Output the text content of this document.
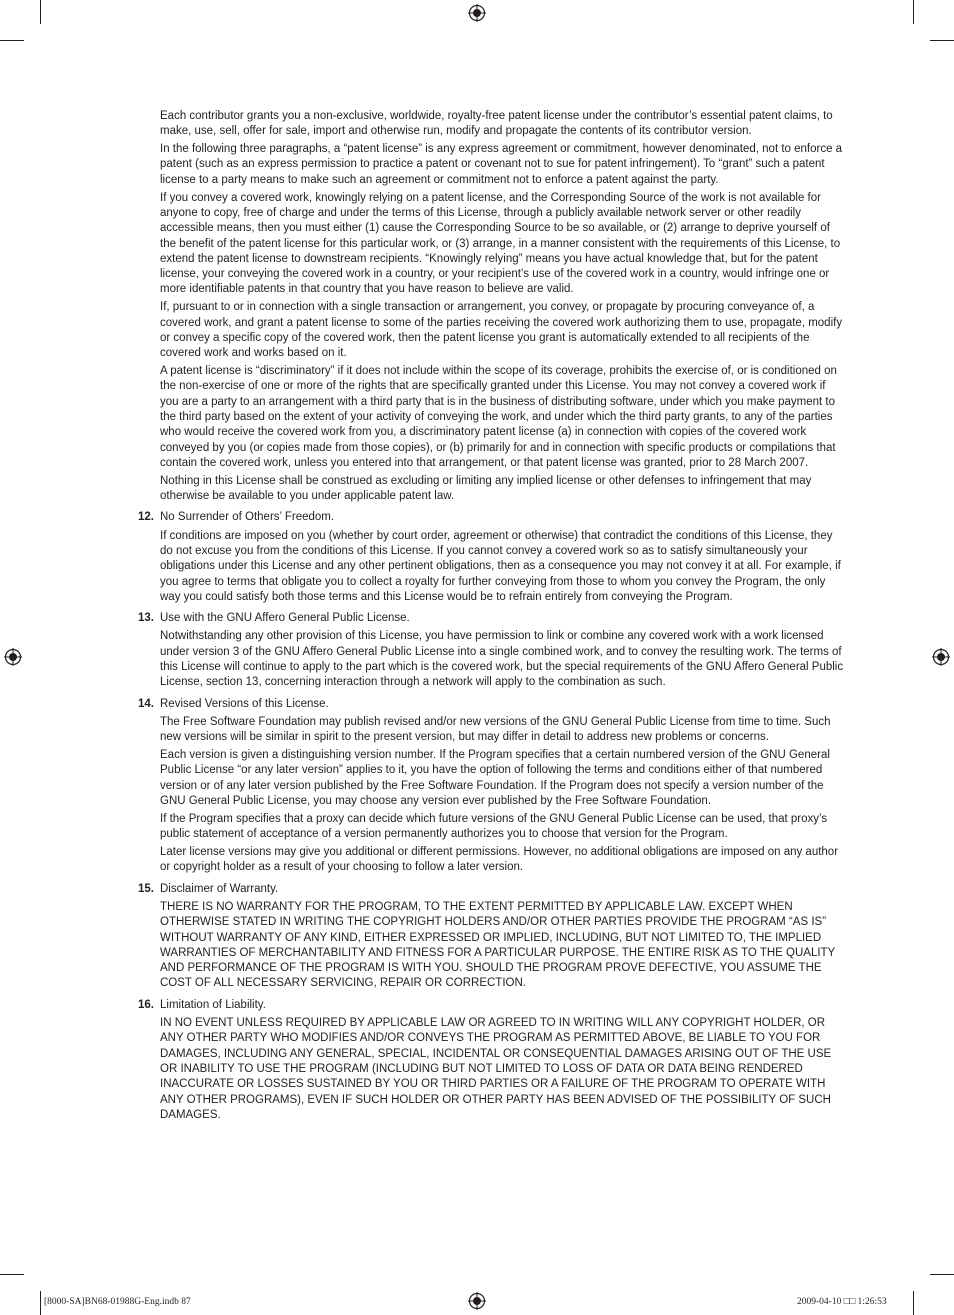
Each contributor grants you a non-exclusive, worldwide, royalty-free patent license under the contributor’s essential patent claims, to make, use, sell, offer for sale, import and otherwise run, modify and propagate the contents of its contributor version.

In the following three paragraphs, a “patent license” is any express agreement or commitment, however denominated, not to enforce a patent (such as an express permission to practice a patent or covenant not to sue for patent infringement). To “grant” such a patent license to a party means to make such an agreement or commitment not to enforce a patent against the party.

If you convey a covered work, knowingly relying on a patent license, and the Corresponding Source of the work is not available for anyone to copy, free of charge and under the terms of this License, through a publicly available network server or other readily accessible means, then you must either (1) cause the Corresponding Source to be so available, or (2) arrange to deprive yourself of the benefit of the patent license for this particular work, or (3) arrange, in a manner consistent with the requirements of this License, to extend the patent license to downstream recipients. “Knowingly relying” means you have actual knowledge that, but for the patent license, your conveying the covered work in a country, or your recipient’s use of the covered work in a country, would infringe one or more identifiable patents in that country that you have reason to believe are valid.

If, pursuant to or in connection with a single transaction or arrangement, you convey, or propagate by procuring conveyance of, a covered work, and grant a patent license to some of the parties receiving the covered work authorizing them to use, propagate, modify or convey a specific copy of the covered work, then the patent license you grant is automatically extended to all recipients of the covered work and works based on it.

A patent license is “discriminatory” if it does not include within the scope of its coverage, prohibits the exercise of, or is conditioned on the non-exercise of one or more of the rights that are specifically granted under this License. You may not convey a covered work if you are a party to an arrangement with a third party that is in the business of distributing software, under which you make payment to the third party based on the extent of your activity of conveying the work, and under which the third party grants, to any of the parties who would receive the covered work from you, a discriminatory patent license (a) in connection with copies of the covered work conveyed by you (or copies made from those copies), or (b) primarily for and in connection with specific products or compilations that contain the covered work, unless you entered into that arrangement, or that patent license was granted, prior to 28 March 2007.

Nothing in this License shall be construed as excluding or limiting any implied license or other defenses to infringement that may otherwise be available to you under applicable patent law.

12. No Surrender of Others’ Freedom.

If conditions are imposed on you (whether by court order, agreement or otherwise) that contradict the conditions of this License, they do not excuse you from the conditions of this License. If you cannot convey a covered work so as to satisfy simultaneously your obligations under this License and any other pertinent obligations, then as a consequence you may not convey it at all. For example, if you agree to terms that obligate you to collect a royalty for further conveying from those to whom you convey the Program, the only way you could satisfy both those terms and this License would be to refrain entirely from conveying the Program.

13. Use with the GNU Affero General Public License.

Notwithstanding any other provision of this License, you have permission to link or combine any covered work with a work licensed under version 3 of the GNU Affero General Public License into a single combined work, and to convey the resulting work. The terms of this License will continue to apply to the part which is the covered work, but the special requirements of the GNU Affero General Public License, section 13, concerning interaction through a network will apply to the combination as such.

14. Revised Versions of this License.

The Free Software Foundation may publish revised and/or new versions of the GNU General Public License from time to time. Such new versions will be similar in spirit to the present version, but may differ in detail to address new problems or concerns.

Each version is given a distinguishing version number. If the Program specifies that a certain numbered version of the GNU General Public License “or any later version” applies to it, you have the option of following the terms and conditions either of that numbered version or of any later version published by the Free Software Foundation. If the Program does not specify a version number of the GNU General Public License, you may choose any version ever published by the Free Software Foundation.

If the Program specifies that a proxy can decide which future versions of the GNU General Public License can be used, that proxy’s public statement of acceptance of a version permanently authorizes you to choose that version for the Program.

Later license versions may give you additional or different permissions. However, no additional obligations are imposed on any author or copyright holder as a result of your choosing to follow a later version.

15. Disclaimer of Warranty.

THERE IS NO WARRANTY FOR THE PROGRAM, TO THE EXTENT PERMITTED BY APPLICABLE LAW. EXCEPT WHEN OTHERWISE STATED IN WRITING THE COPYRIGHT HOLDERS AND/OR OTHER PARTIES PROVIDE THE PROGRAM “AS IS” WITHOUT WARRANTY OF ANY KIND, EITHER EXPRESSED OR IMPLIED, INCLUDING, BUT NOT LIMITED TO, THE IMPLIED WARRANTIES OF MERCHANTABILITY AND FITNESS FOR A PARTICULAR PURPOSE. THE ENTIRE RISK AS TO THE QUALITY AND PERFORMANCE OF THE PROGRAM IS WITH YOU. SHOULD THE PROGRAM PROVE DEFECTIVE, YOU ASSUME THE COST OF ALL NECESSARY SERVICING, REPAIR OR CORRECTION.

16. Limitation of Liability.

IN NO EVENT UNLESS REQUIRED BY APPLICABLE LAW OR AGREED TO IN WRITING WILL ANY COPYRIGHT HOLDER, OR ANY OTHER PARTY WHO MODIFIES AND/OR CONVEYS THE PROGRAM AS PERMITTED ABOVE, BE LIABLE TO YOU FOR DAMAGES, INCLUDING ANY GENERAL, SPECIAL, INCIDENTAL OR CONSEQUENTIAL DAMAGES ARISING OUT OF THE USE OR INABILITY TO USE THE PROGRAM (INCLUDING BUT NOT LIMITED TO LOSS OF DATA OR DATA BEING RENDERED INACCURATE OR LOSSES SUSTAINED BY YOU OR THIRD PARTIES OR A FAILURE OF THE PROGRAM TO OPERATE WITH ANY OTHER PROGRAMS), EVEN IF SUCH HOLDER OR OTHER PARTY HAS BEEN ADVISED OF THE POSSIBILITY OF SUCH DAMAGES.

[8000-SA]BN68-01988G-Eng.indb 87	2009-04-10 □□ 1:26:53
